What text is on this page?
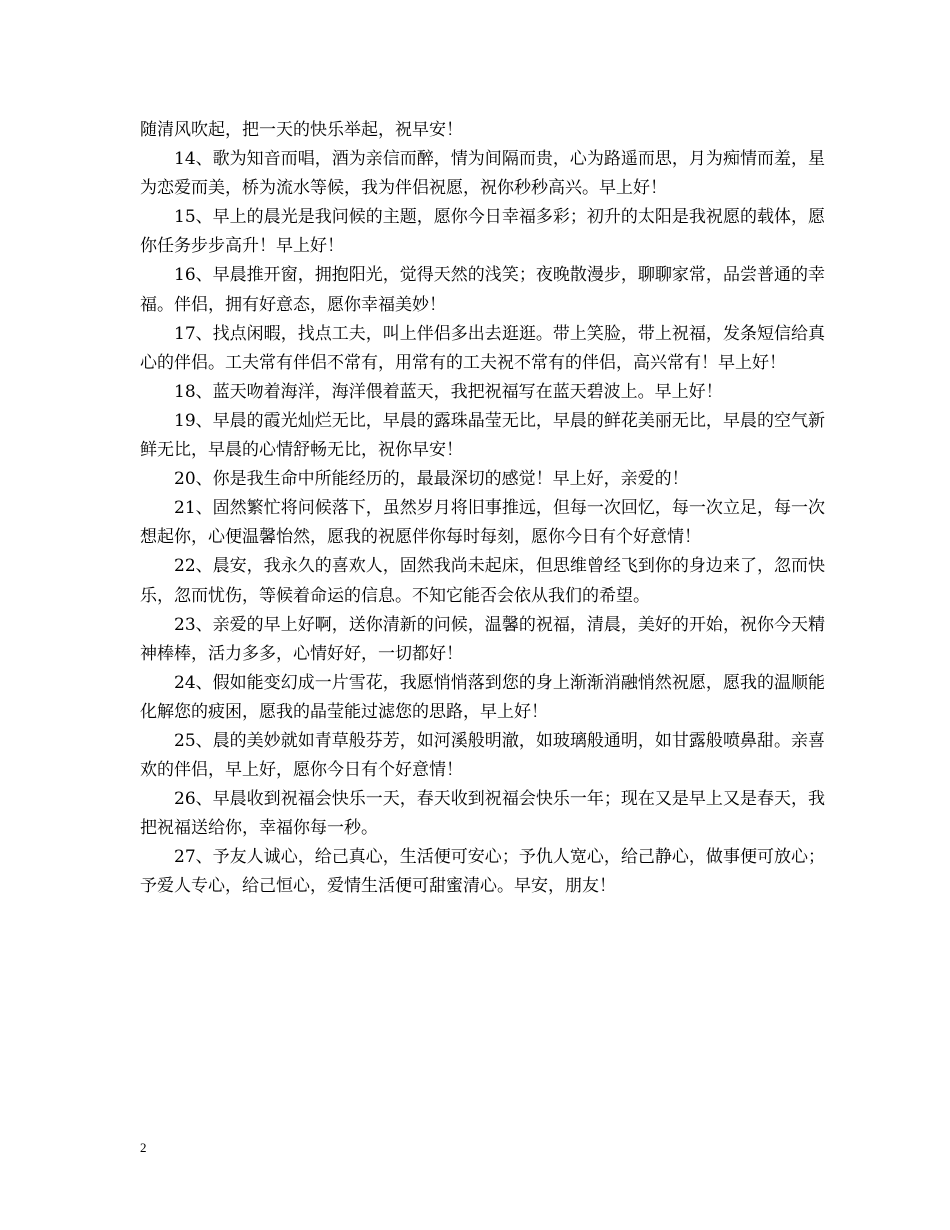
随清风吹起，把一天的快乐举起，祝早安！

14、歌为知音而唱，酒为亲信而醉，情为间隔而贵，心为路遥而思，月为痴情而羞，星为恋爱而美，桥为流水等候，我为伴侣祝愿，祝你秒秒高兴。早上好！

15、早上的晨光是我问候的主题，愿你今日幸福多彩；初升的太阳是我祝愿的载体，愿你任务步步高升！早上好！

16、早晨推开窗，拥抱阳光，觉得天然的浅笑；夜晚散漫步，聊聊家常，品尝普通的幸福。伴侣，拥有好意态，愿你幸福美妙！

17、找点闲暇，找点工夫，叫上伴侣多出去逛逛。带上笑脸，带上祝福，发条短信给真心的伴侣。工夫常有伴侣不常有，用常有的工夫祝不常有的伴侣，高兴常有！早上好！

18、蓝天吻着海洋，海洋偎着蓝天，我把祝福写在蓝天碧波上。早上好！

19、早晨的霞光灿烂无比，早晨的露珠晶莹无比，早晨的鲜花美丽无比，早晨的空气新鲜无比，早晨的心情舒畅无比，祝你早安！

20、你是我生命中所能经历的，最最深切的感觉！早上好，亲爱的！

21、固然繁忙将问候落下，虽然岁月将旧事推远，但每一次回忆，每一次立足，每一次想起你，心便温馨怡然，愿我的祝愿伴你每时每刻，愿你今日有个好意情！

22、晨安，我永久的喜欢人，固然我尚未起床，但思维曾经飞到你的身边来了，忽而快乐，忽而忧伤，等候着命运的信息。不知它能否会依从我们的希望。

23、亲爱的早上好啊，送你清新的问候，温馨的祝福，清晨，美好的开始，祝你今天精神棒棒，活力多多，心情好好，一切都好！

24、假如能变幻成一片雪花，我愿悄悄落到您的身上渐渐消融悄然祝愿，愿我的温顺能化解您的疲困，愿我的晶莹能过滤您的思路，早上好！

25、晨的美妙就如青草般芬芳，如河溪般明澈，如玻璃般通明，如甘露般喷鼻甜。亲喜欢的伴侣，早上好，愿你今日有个好意情！

26、早晨收到祝福会快乐一天，春天收到祝福会快乐一年；现在又是早上又是春天，我把祝福送给你，幸福你每一秒。

27、予友人诚心，给己真心，生活便可安心；予仇人宽心，给己静心，做事便可放心；予爱人专心，给己恒心，爱情生活便可甜蜜清心。早安，朋友！

2
